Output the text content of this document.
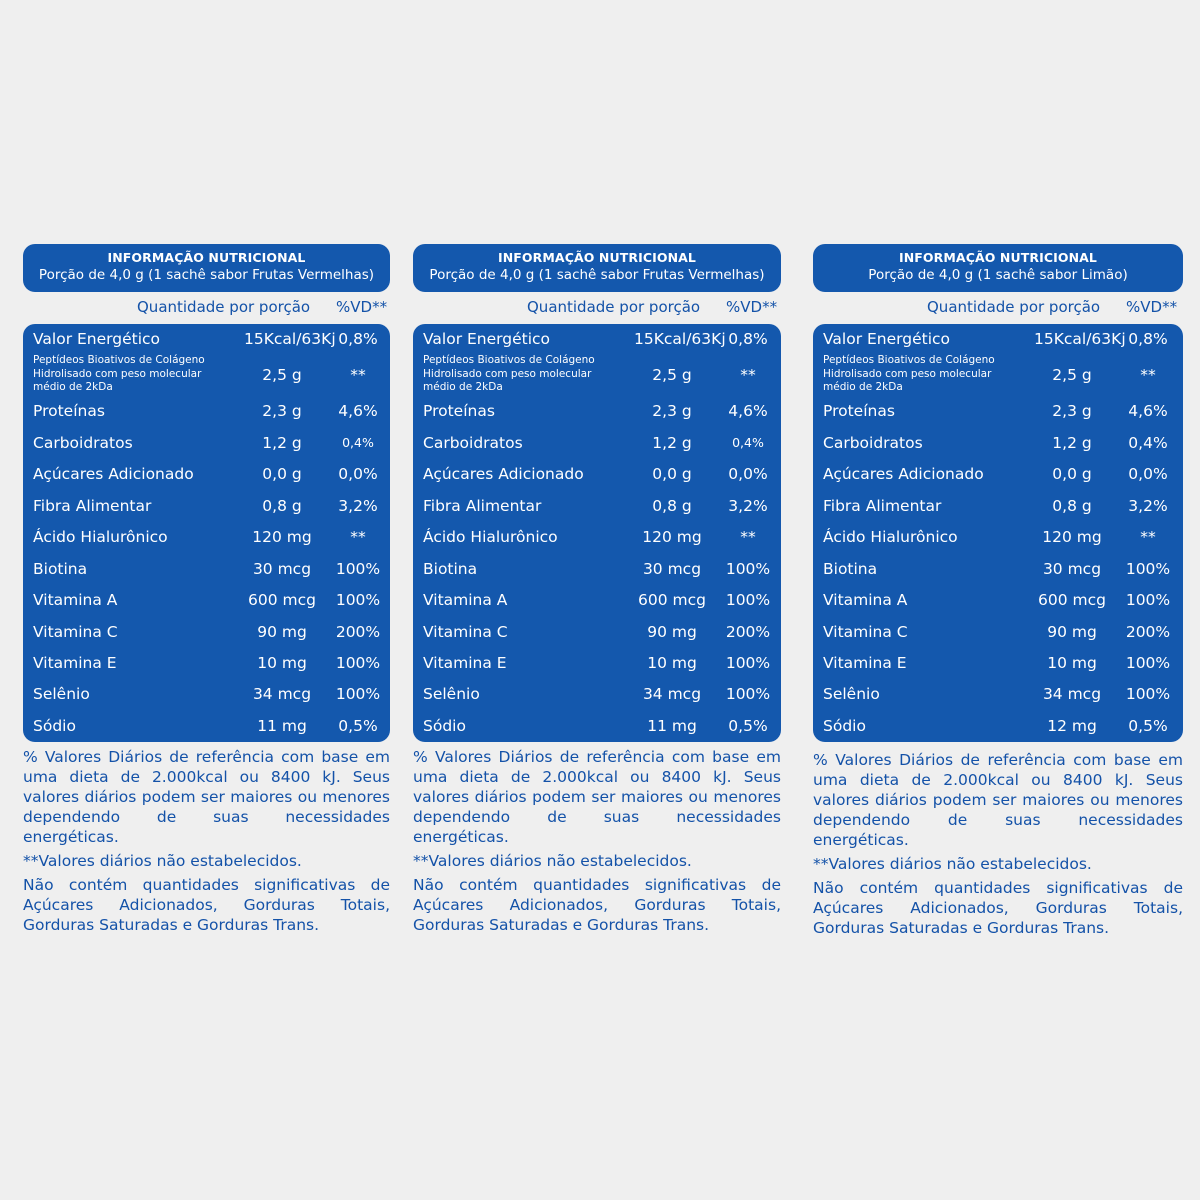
INFORMAÇÃO NUTRICIONAL
Porção de 4,0 g (1 sachê sabor Frutas Vermelhas)
Quantidade por porção %VD**
Valor Energético	15Kcal/63Kj 0,8%
Peptídeos Bioativos de Colágeno Hidrolisado com peso molecular médio de 2kDa
2,5 g	**
Proteínas	2,3 g	4,6%
Carboidratos	1,2 g	0,4%
Açúcares Adicionado	0,0 g	0,0%
Fibra Alimentar	0,8 g	3,2%
Ácido Hialurônico	120 mg	**
Biotina	30 mcg	100%
Vitamina A	600 mcg 100%
Vitamina C	90 mg	200%
Vitamina E	10 mg	100%
Selênio	34 mcg	100%
Sódio	11 mg	0,5%

% Valores Diários de referência com base em uma dieta de 2.000kcal ou 8400 kJ. Seus valores diários podem ser maiores ou menores dependendo de suas necessidades energéticas.

**Valores diários não estabelecidos.

Não contém quantidades significativas de Açúcares Adicionados, Gorduras Totais, Gorduras Saturadas e Gorduras Trans.

INFORMAÇÃO NUTRICIONAL
Porção de 4,0 g (1 sachê sabor Frutas Vermelhas)
Quantidade por porção %VD**
Valor Energético	15Kcal/63Kj 0,8%
Peptídeos Bioativos de Colágeno Hidrolisado com peso molecular médio de 2kDa
2,5 g	**
Proteínas	2,3 g	4,6%
Carboidratos	1,2 g	0,4%
Açúcares Adicionado	0,0 g	0,0%
Fibra Alimentar	0,8 g	3,2%
Ácido Hialurônico	120 mg	**
Biotina	30 mcg	100%
Vitamina A	600 mcg 100%
Vitamina C	90 mg	200%
Vitamina E	10 mg	100%
Selênio	34 mcg	100%
Sódio	11 mg	0,5%

% Valores Diários de referência com base em uma dieta de 2.000kcal ou 8400 kJ. Seus valores diários podem ser maiores ou menores dependendo de suas necessidades energéticas.

**Valores diários não estabelecidos.

Não contém quantidades significativas de Açúcares Adicionados, Gorduras Totais, Gorduras Saturadas e Gorduras Trans.

INFORMAÇÃO NUTRICIONAL
Porção de 4,0 g (1 sachê sabor Limão)
Quantidade por porção %VD**
Valor Energético	15Kcal/63Kj 0,8%
Peptídeos Bioativos de Colágeno Hidrolisado com peso molecular médio de 2kDa
2,5 g	**
Proteínas	2,3 g	4,6%
Carboidratos	1,2 g	0,4%
Açúcares Adicionado	0,0 g	0,0%
Fibra Alimentar	0,8 g	3,2%
Ácido Hialurônico	120 mg	**
Biotina	30 mcg	100%
Vitamina A	600 mcg 100%
Vitamina C	90 mg	200%
Vitamina E	10 mg	100%
Selênio	34 mcg	100%
Sódio	12 mg	0,5%

% Valores Diários de referência com base em uma dieta de 2.000kcal ou 8400 kJ. Seus valores diários podem ser maiores ou menores dependendo de suas necessidades energéticas.

**Valores diários não estabelecidos.

Não contém quantidades significativas de Açúcares Adicionados, Gorduras Totais, Gorduras Saturadas e Gorduras Trans.
